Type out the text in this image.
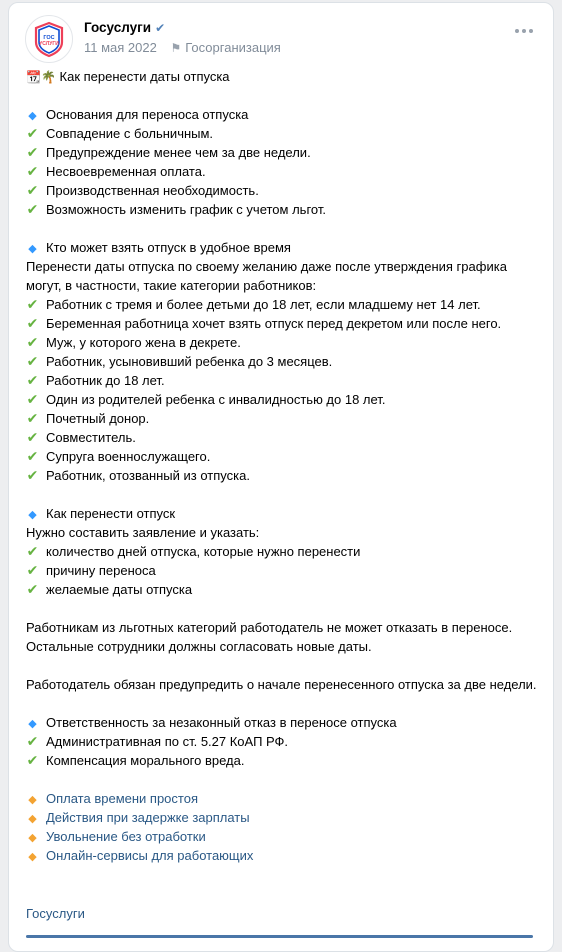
ГОС
УСЛУГИ
Госуслуги ✔
11 мая 2022 ⚑ Госорганизация
📆🌴 Как перенести даты отпуска
◆ Основания для переноса отпуска
✔ Совпадение с больничным.
✔ Предупреждение менее чем за две недели.
✔ Несвоевременная оплата.
✔ Производственная необходимость.
✔ Возможность изменить график с учетом льгот.
◆ Кто может взять отпуск в удобное время
Перенести даты отпуска по своему желанию даже после утверждения графика могут, в частности, такие категории работников:
✔ Работник с тремя и более детьми до 18 лет, если младшему нет 14 лет.
✔ Беременная работница хочет взять отпуск перед декретом или после него.
✔ Муж, у которого жена в декрете.
✔ Работник, усыновивший ребенка до 3 месяцев.
✔ Работник до 18 лет.
✔ Один из родителей ребенка с инвалидностью до 18 лет.
✔ Почетный донор.
✔ Совместитель.
✔ Супруга военнослужащего.
✔ Работник, отозванный из отпуска.
◆ Как перенести отпуск
Нужно составить заявление и указать:
✔ количество дней отпуска, которые нужно перенести
✔ причину переноса
✔ желаемые даты отпуска
Работникам из льготных категорий работодатель не может отказать в переносе. Остальные сотрудники должны согласовать новые даты.
Работодатель обязан предупредить о начале перенесенного отпуска за две недели.
◆ Ответственность за незаконный отказ в переносе отпуска
✔ Административная по ст. 5.27 КоАП РФ.
✔ Компенсация морального вреда.
◆ Оплата времени простоя
◆ Действия при задержке зарплаты
◆ Увольнение без отработки
◆ Онлайн-сервисы для работающих
Госуслуги
